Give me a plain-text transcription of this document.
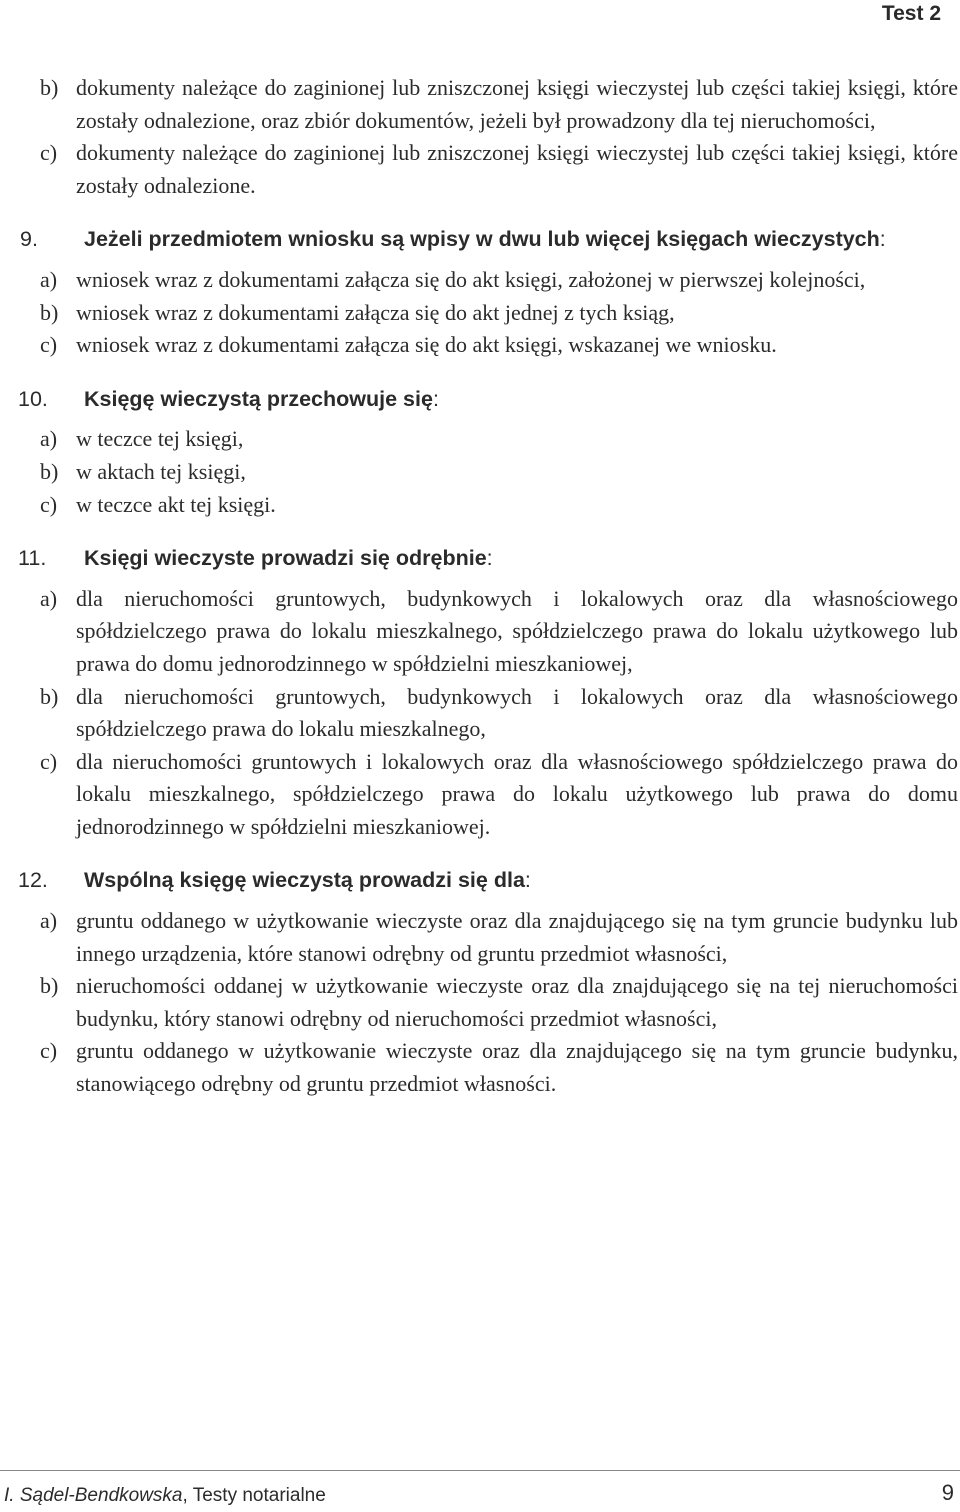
Test 2
b) dokumenty należące do zaginionej lub zniszczonej księgi wieczystej lub części takiej księgi, które zostały odnalezione, oraz zbiór dokumentów, jeżeli był prowadzony dla tej nieruchomości,
c) dokumenty należące do zaginionej lub zniszczonej księgi wieczystej lub części takiej księgi, które zostały odnalezione.
9. Jeżeli przedmiotem wniosku są wpisy w dwu lub więcej księgach wieczystych:
a) wniosek wraz z dokumentami załącza się do akt księgi, założonej w pierwszej kolejności,
b) wniosek wraz z dokumentami załącza się do akt jednej z tych ksiąg,
c) wniosek wraz z dokumentami załącza się do akt księgi, wskazanej we wniosku.
10. Księgę wieczystą przechowuje się:
a) w teczce tej księgi,
b) w aktach tej księgi,
c) w teczce akt tej księgi.
11. Księgi wieczyste prowadzi się odrębnie:
a) dla nieruchomości gruntowych, budynkowych i lokalowych oraz dla własnościowego spółdzielczego prawa do lokalu mieszkalnego, spółdzielczego prawa do lokalu użytkowego lub prawa do domu jednorodzinnego w spółdzielni mieszkaniowej,
b) dla nieruchomości gruntowych, budynkowych i lokalowych oraz dla własnościowego spółdzielczego prawa do lokalu mieszkalnego,
c) dla nieruchomości gruntowych i lokalowych oraz dla własnościowego spółdzielczego prawa do lokalu mieszkalnego, spółdzielczego prawa do lokalu użytkowego lub prawa do domu jednorodzinnego w spółdzielni mieszkaniowej.
12. Wspólną księgę wieczystą prowadzi się dla:
a) gruntu oddanego w użytkowanie wieczyste oraz dla znajdującego się na tym gruncie budynku lub innego urządzenia, które stanowi odrębny od gruntu przedmiot własności,
b) nieruchomości oddanej w użytkowanie wieczyste oraz dla znajdującego się na tej nieruchomości budynku, który stanowi odrębny od nieruchomości przedmiot własności,
c) gruntu oddanego w użytkowanie wieczyste oraz dla znajdującego się na tym gruncie budynku, stanowiącego odrębny od gruntu przedmiot własności.
I. Sądel-Bendkowska, Testy notarialne	9
